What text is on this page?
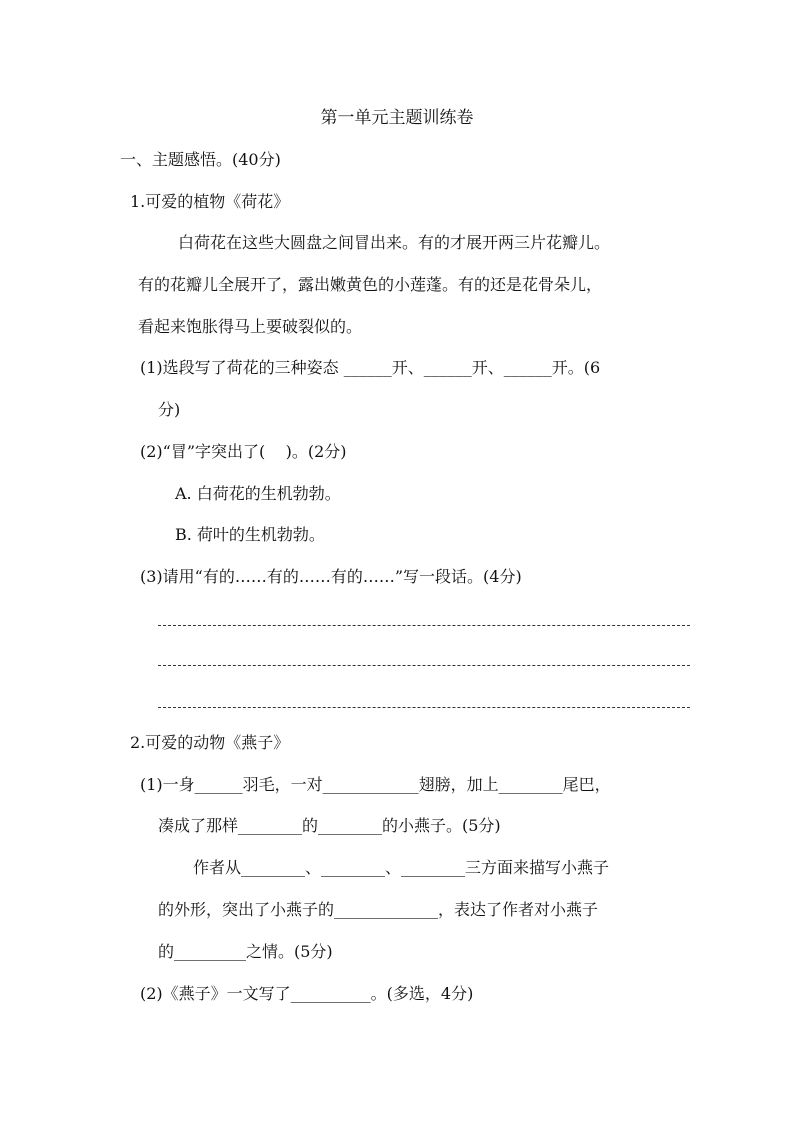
第一单元主题训练卷
一、主题感悟。(40分)
1.可爱的植物《荷花》
白荷花在这些大圆盘之间冒出来。有的才展开两三片花瓣儿。
有的花瓣儿全展开了，露出嫩黄色的小莲蓬。有的还是花骨朵儿，
看起来饱胀得马上要破裂似的。
(1)选段写了荷花的三种姿态 ______开、______开、______开。(6
分)
(2)“冒”字突出了(    )。(2分)
A. 白荷花的生机勃勃。
B. 荷叶的生机勃勃。
(3)请用“有的……有的……有的……”写一段话。(4分)
2.可爱的动物《燕子》
(1)一身______羽毛，一对____________翅膀，加上________尾巴，
凑成了那样________的________的小燕子。(5分)
作者从________、________、________三方面来描写小燕子
的外形，突出了小燕子的_____________，表达了作者对小燕子
的_________之情。(5分)
(2)《燕子》一文写了__________。(多选，4分)
